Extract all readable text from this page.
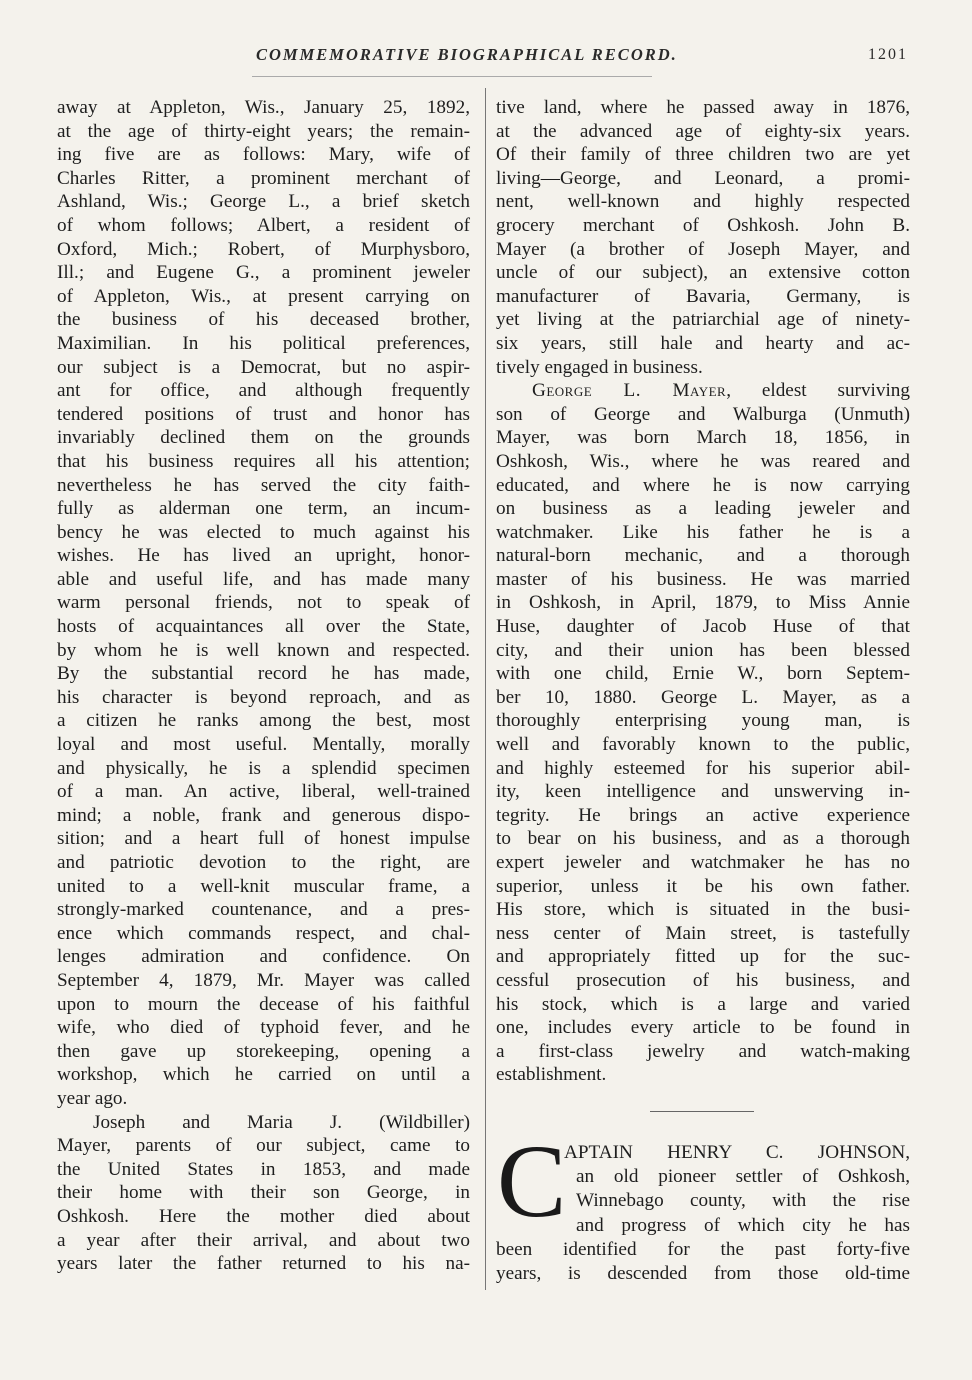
COMMEMORATIVE BIOGRAPHICAL RECORD.	1201
away at Appleton, Wis., January 25, 1892,
at the age of thirty-eight years; the remain-
ing five are as follows: Mary, wife of
Charles Ritter, a prominent merchant of
Ashland, Wis.; George L., a brief sketch
of whom follows; Albert, a resident of
Oxford, Mich.; Robert, of Murphysboro,
Ill.; and Eugene G., a prominent jeweler
of Appleton, Wis., at present carrying on
the business of his deceased brother,
Maximilian. In his political preferences,
our subject is a Democrat, but no aspir-
ant for office, and although frequently
tendered positions of trust and honor has
invariably declined them on the grounds
that his business requires all his attention;
nevertheless he has served the city faith-
fully as alderman one term, an incum-
bency he was elected to much against his
wishes. He has lived an upright, honor-
able and useful life, and has made many
warm personal friends, not to speak of
hosts of acquaintances all over the State,
by whom he is well known and respected.
By the substantial record he has made,
his character is beyond reproach, and as
a citizen he ranks among the best, most
loyal and most useful. Mentally, morally
and physically, he is a splendid specimen
of a man. An active, liberal, well-trained
mind; a noble, frank and generous dispo-
sition; and a heart full of honest impulse
and patriotic devotion to the right, are
united to a well-knit muscular frame, a
strongly-marked countenance, and a pres-
ence which commands respect, and chal-
lenges admiration and confidence. On
September 4, 1879, Mr. Mayer was called
upon to mourn the decease of his faithful
wife, who died of typhoid fever, and he
then gave up storekeeping, opening a
workshop, which he carried on until a
year ago.
Joseph and Maria J. (Wildbiller)
Mayer, parents of our subject, came to
the United States in 1853, and made
their home with their son George, in
Oshkosh. Here the mother died about
a year after their arrival, and about two
years later the father returned to his na-
tive land, where he passed away in 1876,
at the advanced age of eighty-six years.
Of their family of three children two are yet
living—George, and Leonard, a promi-
nent, well-known and highly respected
grocery merchant of Oshkosh. John B.
Mayer (a brother of Joseph Mayer, and
uncle of our subject), an extensive cotton
manufacturer of Bavaria, Germany, is
yet living at the patriarchial age of ninety-
six years, still hale and hearty and ac-
tively engaged in business.
George L. Mayer, eldest surviving
son of George and Walburga (Unmuth)
Mayer, was born March 18, 1856, in
Oshkosh, Wis., where he was reared and
educated, and where he is now carrying
on business as a leading jeweler and
watchmaker. Like his father he is a
natural-born mechanic, and a thorough
master of his business. He was married
in Oshkosh, in April, 1879, to Miss Annie
Huse, daughter of Jacob Huse of that
city, and their union has been blessed
with one child, Ernie W., born Septem-
ber 10, 1880. George L. Mayer, as a
thoroughly enterprising young man, is
well and favorably known to the public,
and highly esteemed for his superior abil-
ity, keen intelligence and unswerving in-
tegrity. He brings an active experience
to bear on his business, and as a thorough
expert jeweler and watchmaker he has no
superior, unless it be his own father.
His store, which is situated in the busi-
ness center of Main street, is tastefully
and appropriately fitted up for the suc-
cessful prosecution of his business, and
his stock, which is a large and varied
one, includes every article to be found in
a first-class jewelry and watch-making
establishment.
C
APTAIN HENRY C. JOHNSON,
an old pioneer settler of Oshkosh,
Winnebago county, with the rise
and progress of which city he has
been identified for the past forty-five
years, is descended from those old-time
